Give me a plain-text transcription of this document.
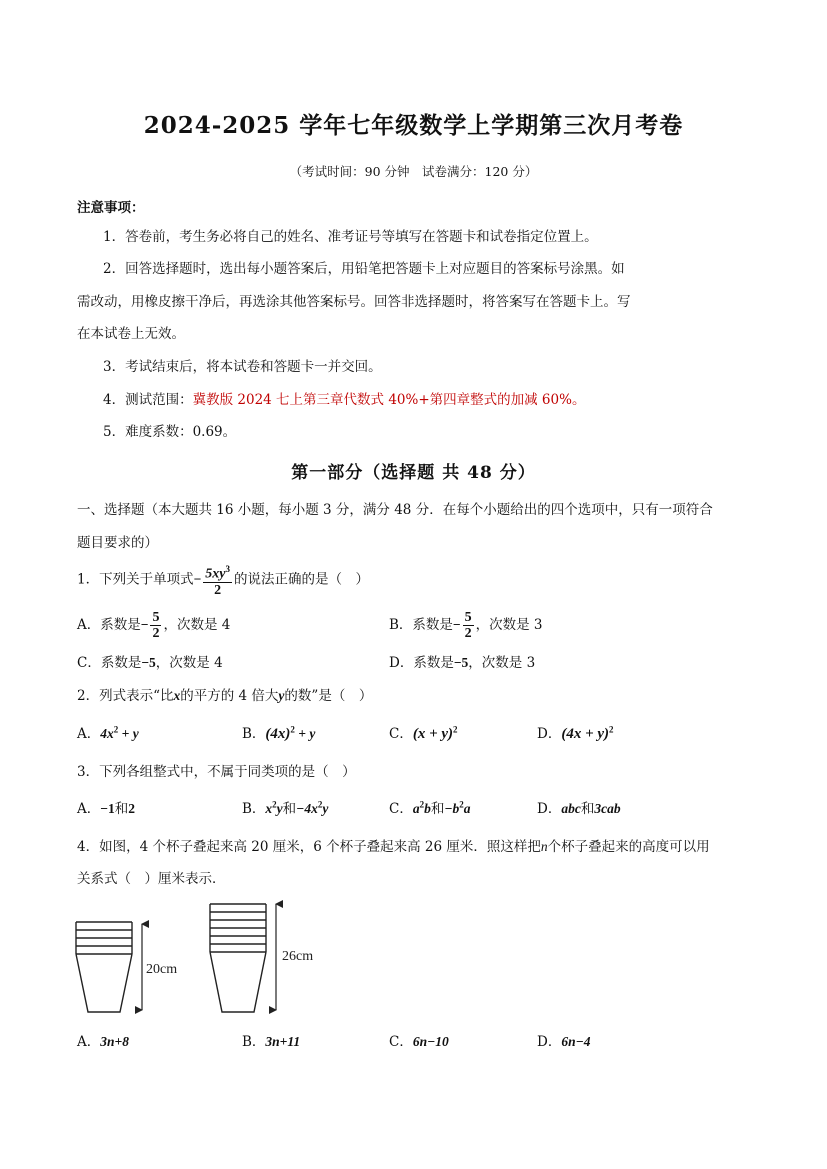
2024-2025 学年七年级数学上学期第三次月考卷
（考试时间：90 分钟　试卷满分：120 分）
注意事项：
1．答卷前，考生务必将自己的姓名、准考证号等填写在答题卡和试卷指定位置上。
2．回答选择题时，选出每小题答案后，用铅笔把答题卡上对应题目的答案标号涂黑。如
需改动，用橡皮擦干净后，再选涂其他答案标号。回答非选择题时，将答案写在答题卡上。写
在本试卷上无效。
3．考试结束后，将本试卷和答题卡一并交回。
4．测试范围：冀教版 2024 七上第三章代数式 40%+第四章整式的加减 60%。
5．难度系数：0.69。
第一部分（选择题 共 48 分）
一、选择题（本大题共 16 小题，每小题 3 分，满分 48 分．在每个小题给出的四个选项中，只有一项符合
题目要求的）
1．下列关于单项式− $\frac{5xy^3}{2}$ 的说法正确的是（　）
A．系数是− $\frac{5}{2}$ ，次数是 4	B．系数是− $\frac{5}{2}$ ，次数是 3
C．系数是−5，次数是 4	D．系数是−5，次数是 3
2．列式表示“比x的平方的 4 倍大y的数”是（　）
A．$4x^2 + y$	B．$(4x)^2 + y$	C．$(x + y)^2$	D．$(4x + y)^2$
3．下列各组整式中，不属于同类项的是（　）
A．−1和2	B．$x^2y$和$-4x^2y$	C．$a^2b$和$-b^2a$	D．abc和3cab
4．如图，4 个杯子叠起来高 20 厘米，6 个杯子叠起来高 26 厘米．照这样把n个杯子叠起来的高度可以用
关系式（　）厘米表示．
20cm
26cm
A．3n+8	B．3n+11	C．6n−10	D．6n−4
